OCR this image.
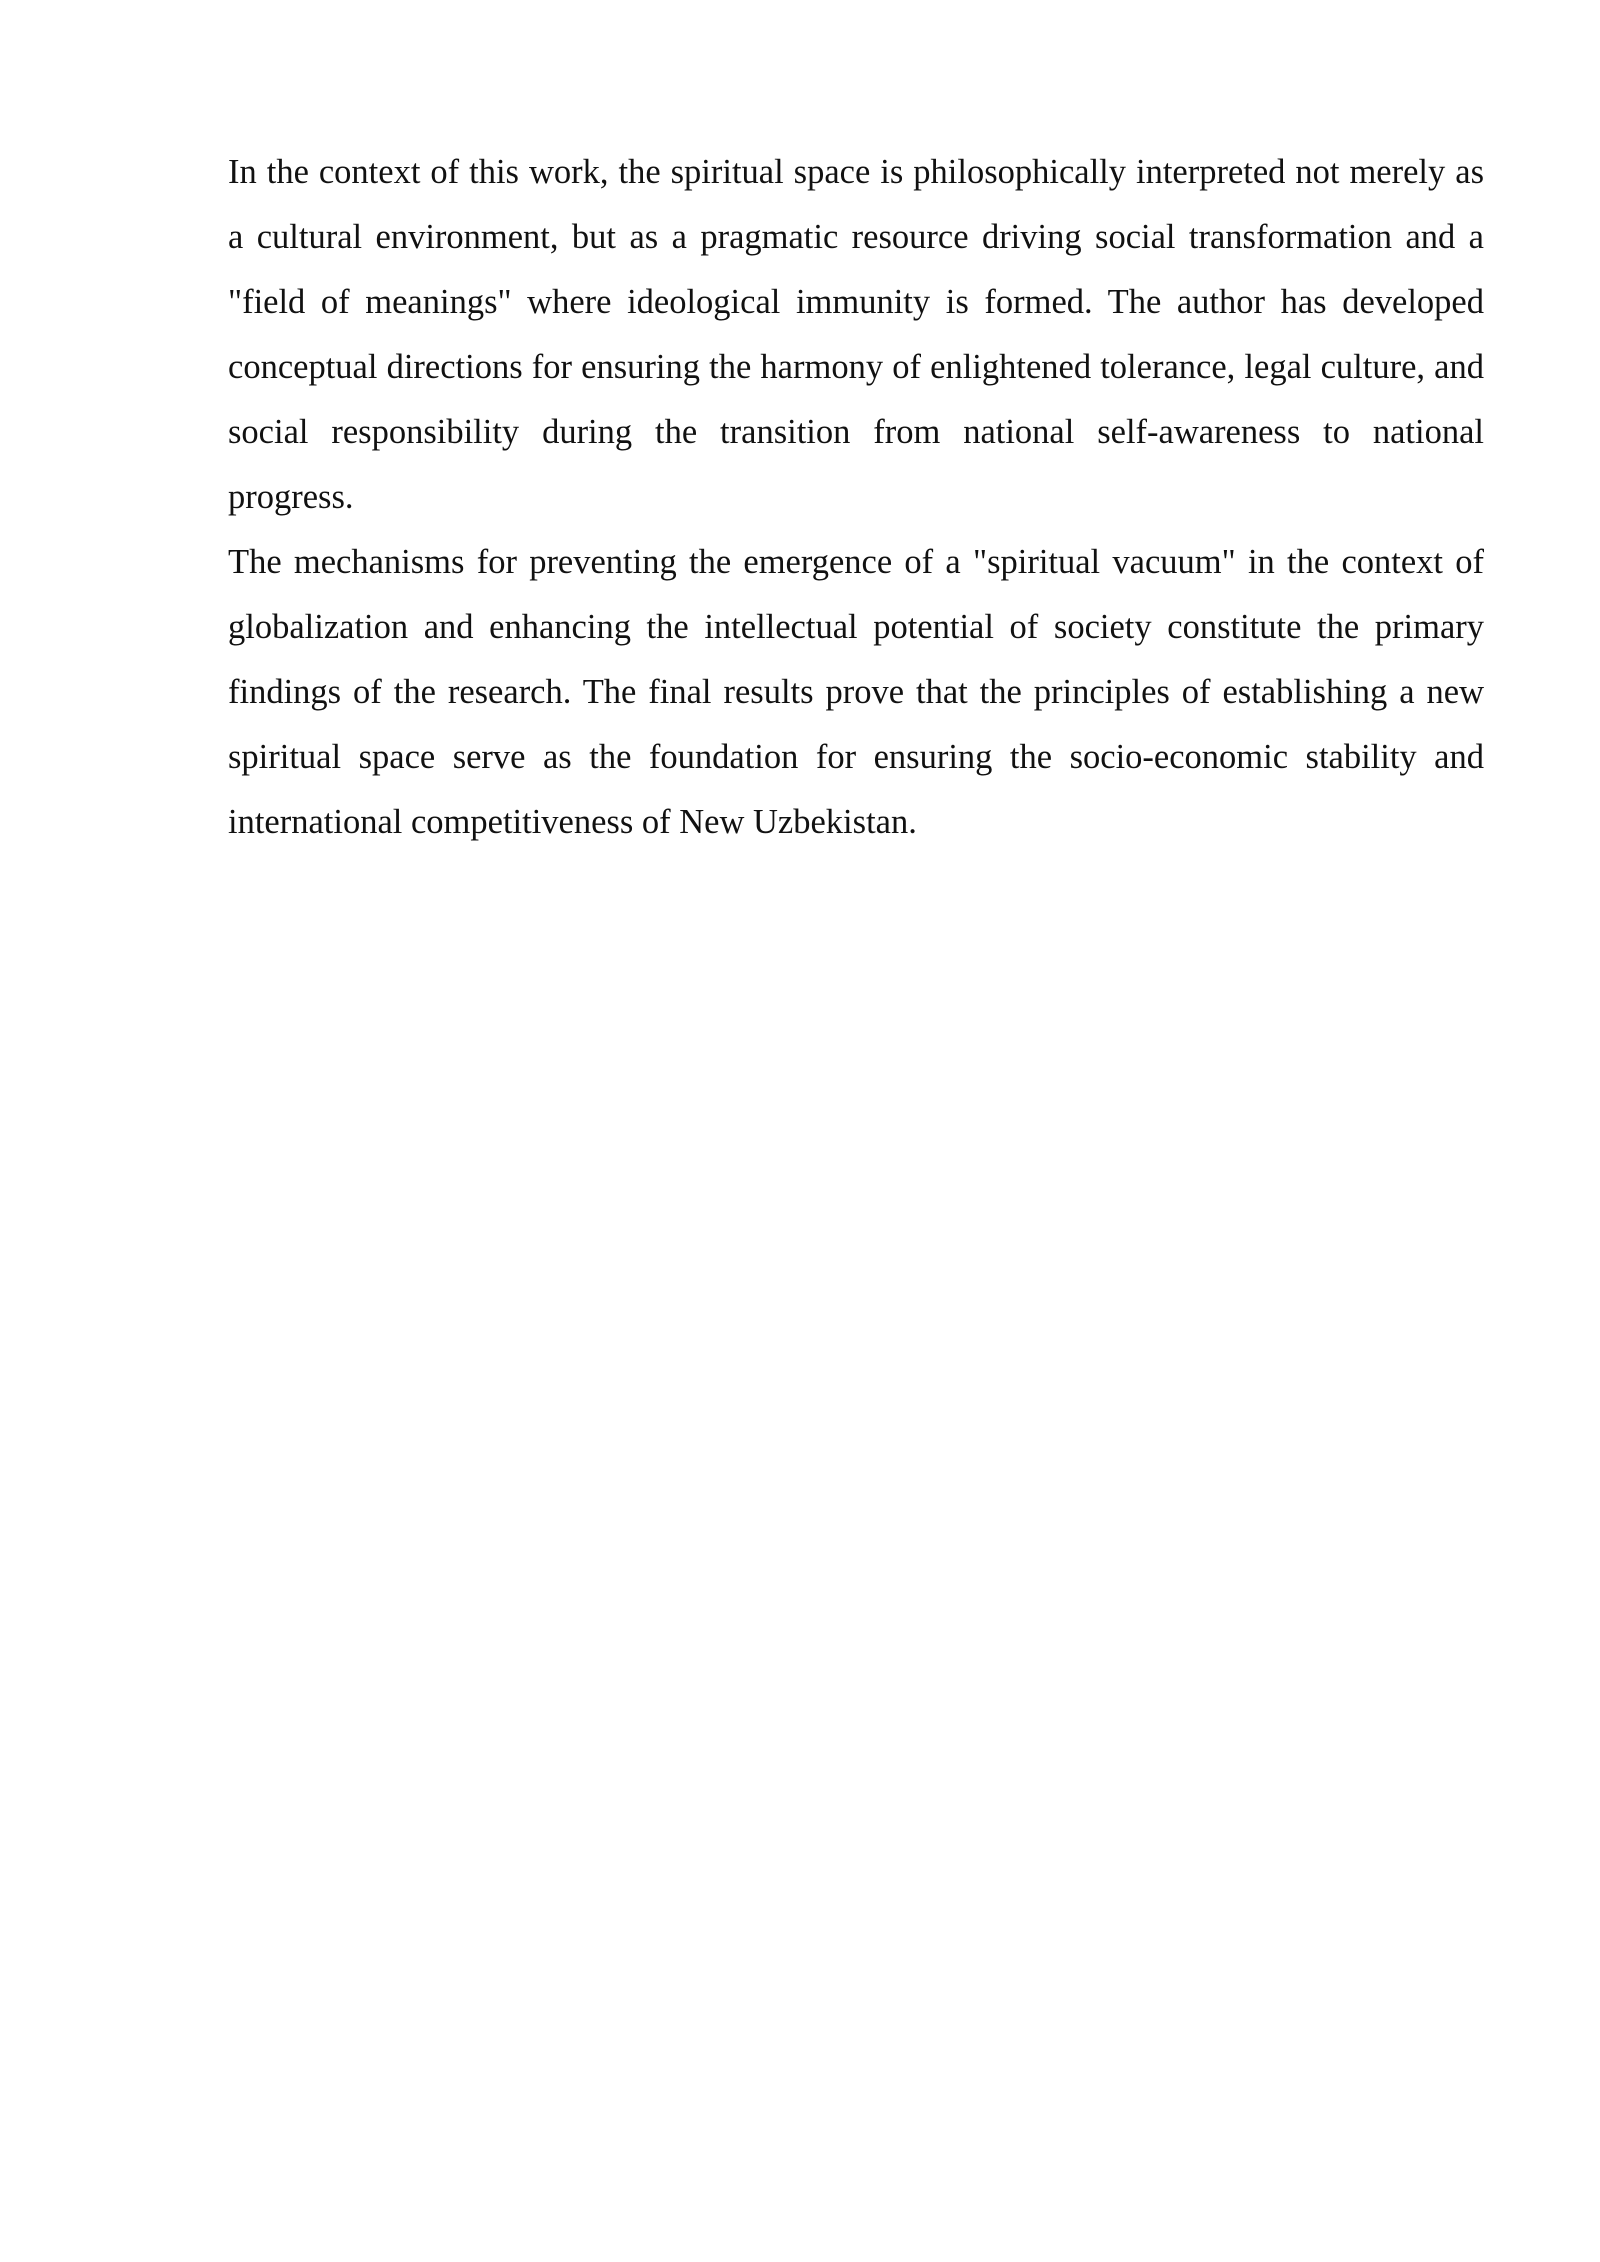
In the context of this work, the spiritual space is philosophically interpreted not merely as a cultural environment, but as a pragmatic resource driving social transformation and a "field of meanings" where ideological immunity is formed. The author has developed conceptual directions for ensuring the harmony of enlightened tolerance, legal culture, and social responsibility during the transition from national self-awareness to national progress.

The mechanisms for preventing the emergence of a "spiritual vacuum" in the context of globalization and enhancing the intellectual potential of society constitute the primary findings of the research. The final results prove that the principles of establishing a new spiritual space serve as the foundation for ensuring the socio-economic stability and international competitiveness of New Uzbekistan.
